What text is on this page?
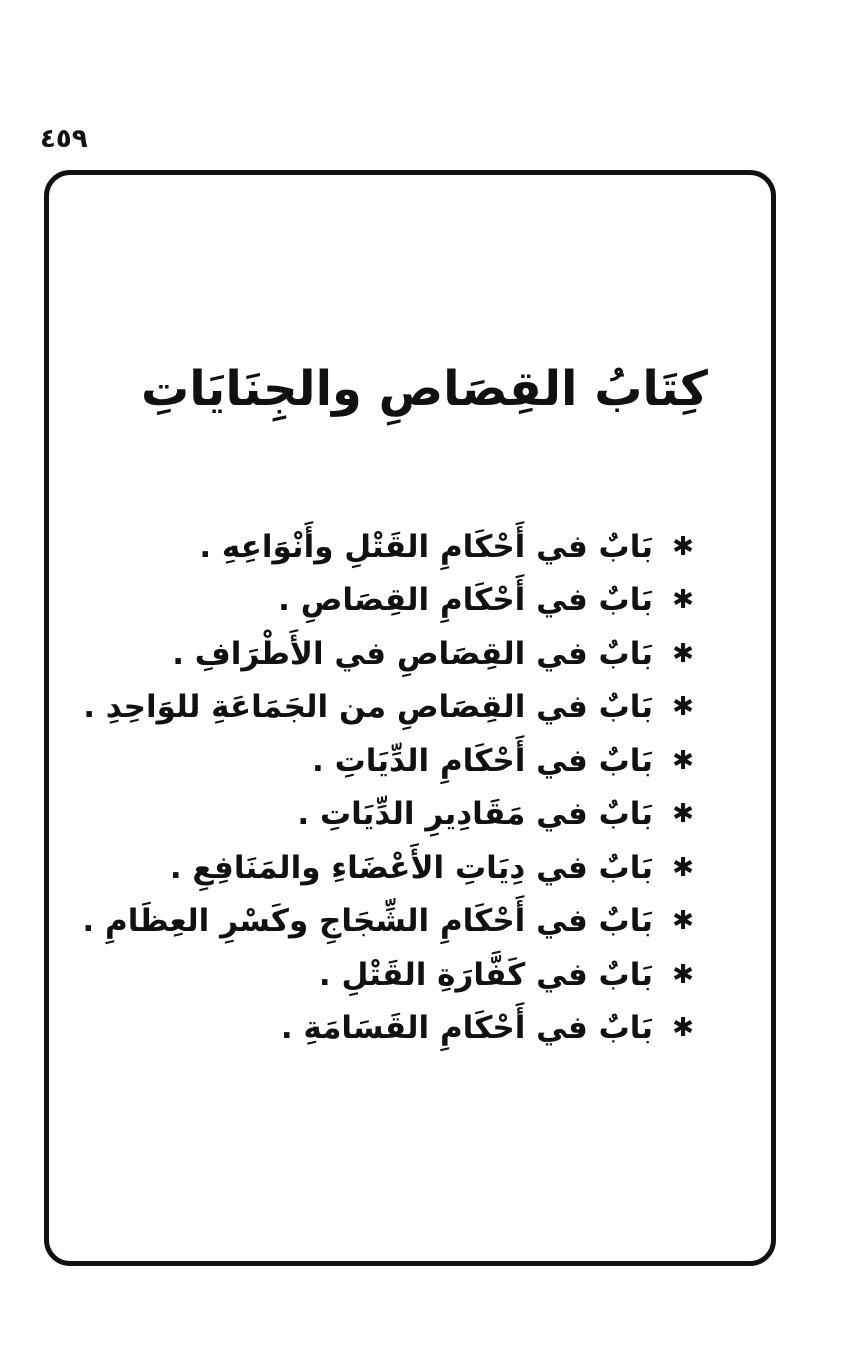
٤٥٩
كِتَابُ القِصَاصِ والجِنَايَاتِ
✱
بَابٌ في أَحْكَامِ القَتْلِ وأَنْوَاعِهِ .
✱
بَابٌ في أَحْكَامِ القِصَاصِ .
✱
بَابٌ في القِصَاصِ في الأَطْرَافِ .
✱
بَابٌ في القِصَاصِ من الجَمَاعَةِ للوَاحِدِ .
✱
بَابٌ في أَحْكَامِ الدِّيَاتِ .
✱
بَابٌ في مَقَادِيرِ الدِّيَاتِ .
✱
بَابٌ في دِيَاتِ الأَعْضَاءِ والمَنَافِعِ .
✱
بَابٌ في أَحْكَامِ الشِّجَاجِ وكَسْرِ العِظَامِ .
✱
بَابٌ في كَفَّارَةِ القَتْلِ .
✱
بَابٌ في أَحْكَامِ القَسَامَةِ .
